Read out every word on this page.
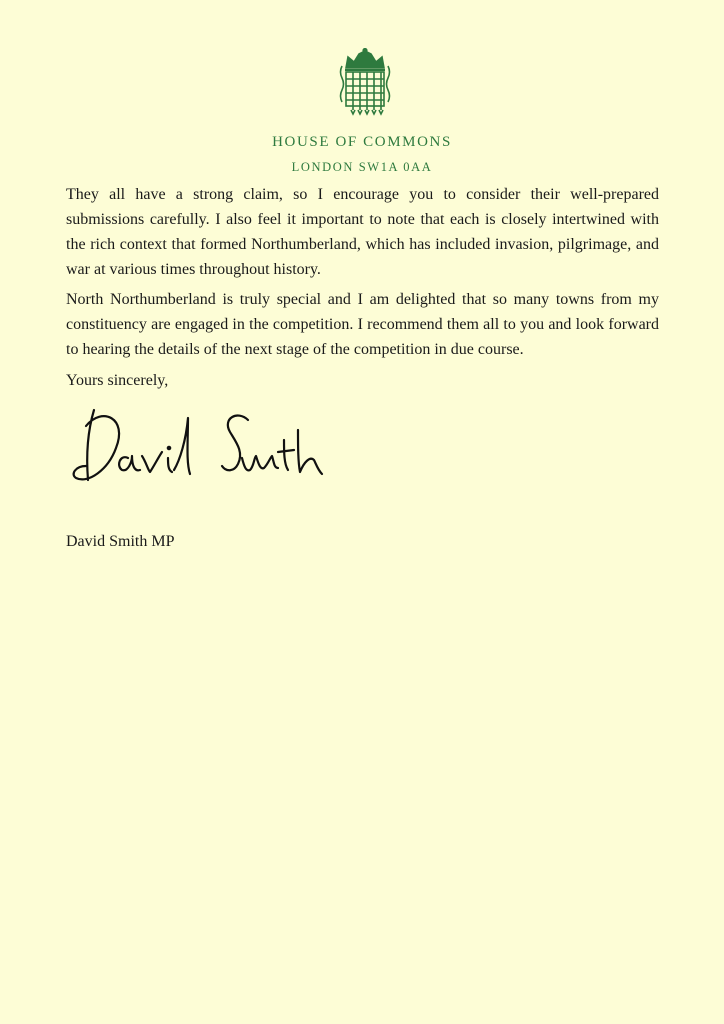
HOUSE OF COMMONS
LONDON SW1A 0AA

They all have a strong claim, so I encourage you to consider their well-prepared submissions carefully. I also feel it important to note that each is closely intertwined with the rich context that formed Northumberland, which has included invasion, pilgrimage, and war at various times throughout history.

North Northumberland is truly special and I am delighted that so many towns from my constituency are engaged in the competition. I recommend them all to you and look forward to hearing the details of the next stage of the competition in due course.

Yours sincerely,

David Smith MP
